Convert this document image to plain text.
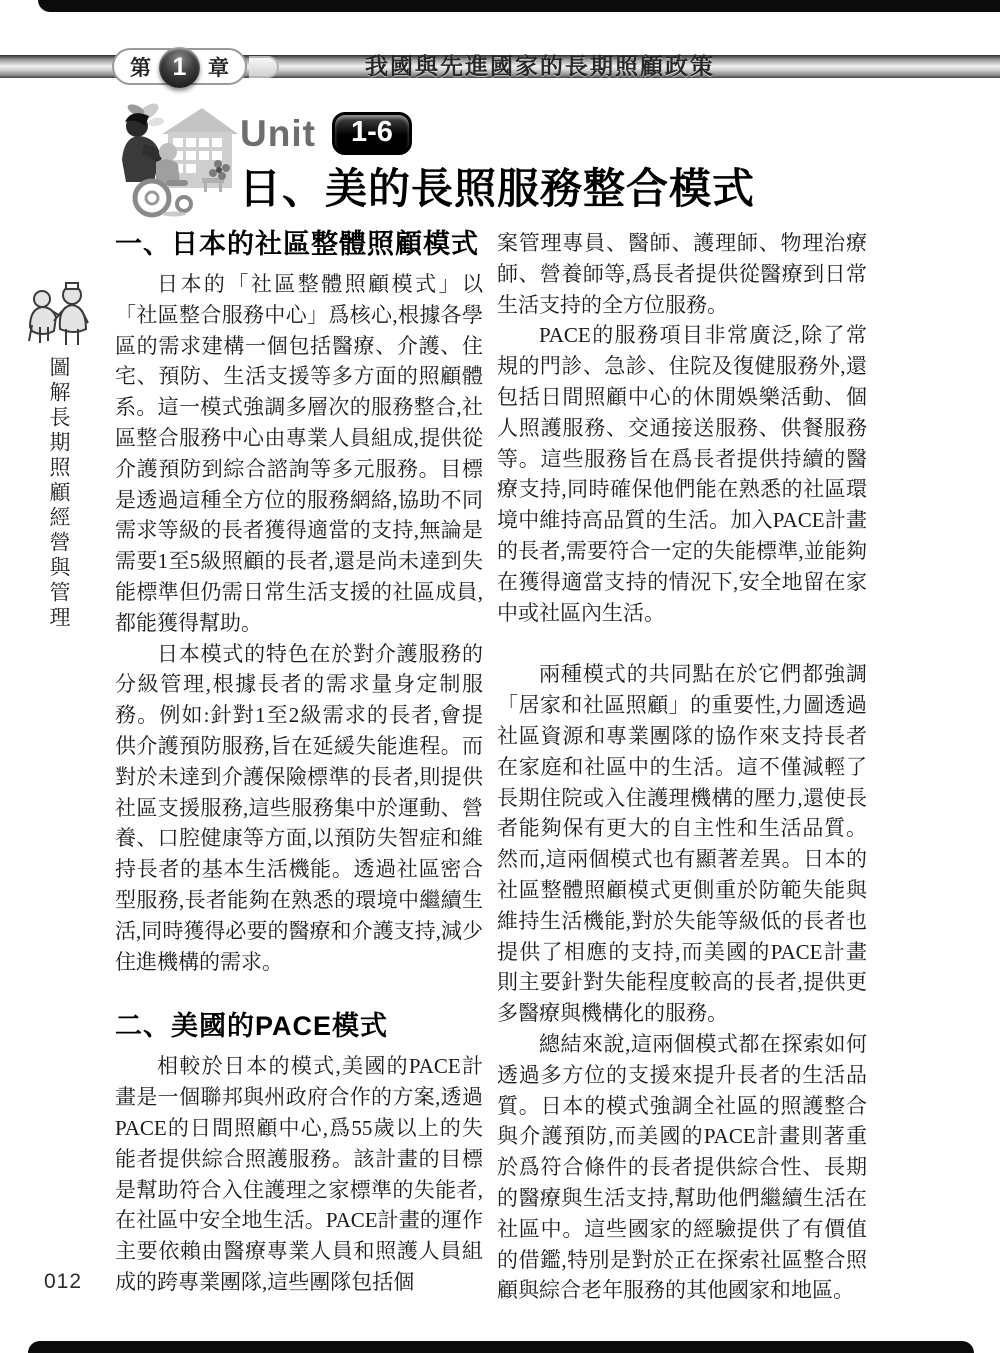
第 1 章	我國與先進國家的長期照顧政策
Unit	1-6
日、美的長照服務整合模式
圖解長期照顧經營與管理
一、日本的社區整體照顧模式

日本的「社區整體照顧模式」以「社區整合服務中心」爲核心,根據各學區的需求建構一個包括醫療、介護、住宅、預防、生活支援等多方面的照顧體系。這一模式強調多層次的服務整合,社區整合服務中心由專業人員組成,提供從介護預防到綜合諮詢等多元服務。目標是透過這種全方位的服務網絡,協助不同需求等級的長者獲得適當的支持,無論是需要1至5級照顧的長者,還是尚未達到失能標準但仍需日常生活支援的社區成員,都能獲得幫助。

日本模式的特色在於對介護服務的分級管理,根據長者的需求量身定制服務。例如:針對1至2級需求的長者,會提供介護預防服務,旨在延緩失能進程。而對於未達到介護保險標準的長者,則提供社區支援服務,這些服務集中於運動、營養、口腔健康等方面,以預防失智症和維持長者的基本生活機能。透過社區密合型服務,長者能夠在熟悉的環境中繼續生活,同時獲得必要的醫療和介護支持,減少住進機構的需求。

二、美國的PACE模式

相較於日本的模式,美國的PACE計畫是一個聯邦與州政府合作的方案,透過PACE的日間照顧中心,爲55歲以上的失能者提供綜合照護服務。該計畫的目標是幫助符合入住護理之家標準的失能者,在社區中安全地生活。PACE計畫的運作主要依賴由醫療專業人員和照護人員組成的跨專業團隊,這些團隊包括個

案管理專員、醫師、護理師、物理治療師、營養師等,爲長者提供從醫療到日常生活支持的全方位服務。

PACE的服務項目非常廣泛,除了常規的門診、急診、住院及復健服務外,還包括日間照顧中心的休閒娛樂活動、個人照護服務、交通接送服務、供餐服務等。這些服務旨在爲長者提供持續的醫療支持,同時確保他們能在熟悉的社區環境中維持高品質的生活。加入PACE計畫的長者,需要符合一定的失能標準,並能夠在獲得適當支持的情況下,安全地留在家中或社區內生活。

兩種模式的共同點在於它們都強調「居家和社區照顧」的重要性,力圖透過社區資源和專業團隊的協作來支持長者在家庭和社區中的生活。這不僅減輕了長期住院或入住護理機構的壓力,還使長者能夠保有更大的自主性和生活品質。然而,這兩個模式也有顯著差異。日本的社區整體照顧模式更側重於防範失能與維持生活機能,對於失能等級低的長者也提供了相應的支持,而美國的PACE計畫則主要針對失能程度較高的長者,提供更多醫療與機構化的服務。

總結來說,這兩個模式都在探索如何透過多方位的支援來提升長者的生活品質。日本的模式強調全社區的照護整合與介護預防,而美國的PACE計畫則著重於爲符合條件的長者提供綜合性、長期的醫療與生活支持,幫助他們繼續生活在社區中。這些國家的經驗提供了有價值的借鑑,特別是對於正在探索社區整合照顧與綜合老年服務的其他國家和地區。

012
